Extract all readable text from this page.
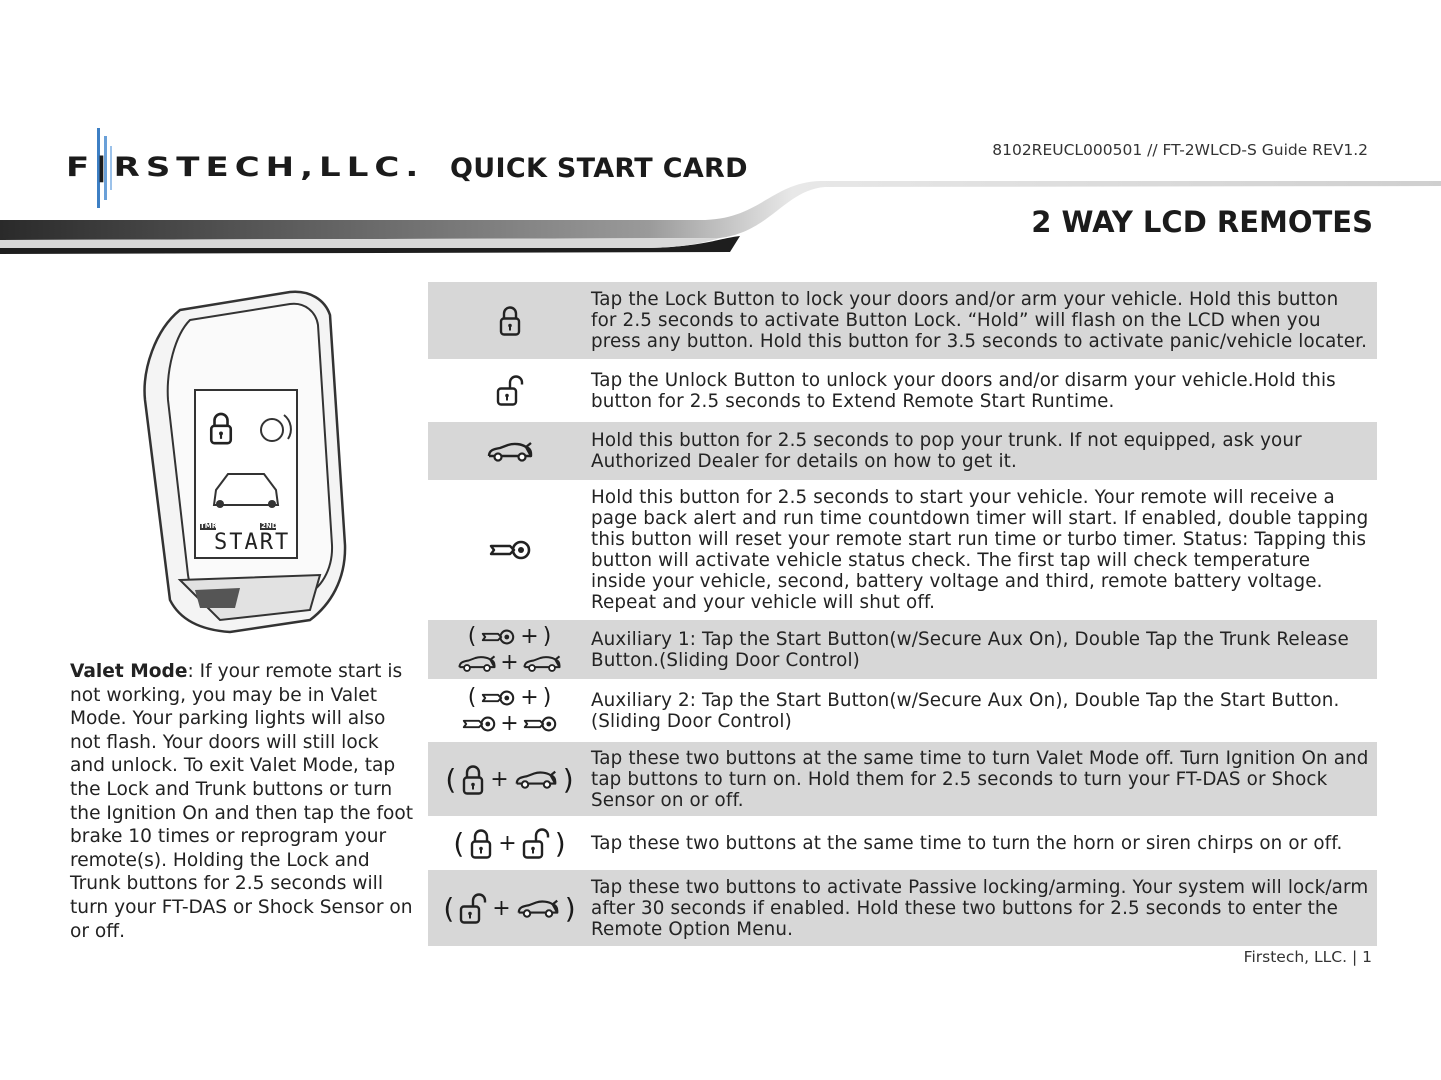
F|RSTECH,LLC. QUICK START CARD
8102REUCL000501 // FT-2WLCD-S Guide REV1.2
2 WAY LCD REMOTES
TMR	2ND
START
Valet Mode: If your remote start is not working, you may be in Valet Mode. Your parking lights will also not flash. Your doors will still lock and unlock. To exit Valet Mode, tap the Lock and Trunk buttons or turn the Ignition On and then tap the foot brake 10 times or reprogram your remote(s). Holding the Lock and Trunk buttons for 2.5 seconds will turn your FT-DAS or Shock Sensor on or off.
Tap the Lock Button to lock your doors and/or arm your vehicle. Hold this button for 2.5 seconds to activate Button Lock. “Hold” will flash on the LCD when you press any button. Hold this button for 3.5 seconds to activate panic/vehicle locater.
Tap the Unlock Button to unlock your doors and/or disarm your vehicle.Hold this button for 2.5 seconds to Extend Remote Start Runtime.
Hold this button for 2.5 seconds to pop your trunk. If not equipped, ask your Authorized Dealer for details on how to get it.
Hold this button for 2.5 seconds to start your vehicle. Your remote will receive a page back alert and run time countdown timer will start. If enabled, double tapping this button will reset your remote start run time or turbo timer. Status: Tapping this button will activate vehicle status check. The first tap will check temperature inside your vehicle, second, battery voltage and third, remote battery voltage. Repeat and your vehicle will shut off.
( + )
+
Auxiliary 1: Tap the Start Button(w/Secure Aux On), Double Tap the Trunk Release Button.(Sliding Door Control)
( + )
+
Auxiliary 2: Tap the Start Button(w/Secure Aux On), Double Tap the Start Button. (Sliding Door Control)
( + )
Tap these two buttons at the same time to turn Valet Mode off. Turn Ignition On and tap buttons to turn on. Hold them for 2.5 seconds to turn your FT-DAS or Shock Sensor on or off.
( + ) Tap these two buttons at the same time to turn the horn or siren chirps on or off.
( + )
Tap these two buttons to activate Passive locking/arming. Your system will lock/arm after 30 seconds if enabled. Hold these two buttons for 2.5 seconds to enter the Remote Option Menu.
Firstech, LLC. | 1
